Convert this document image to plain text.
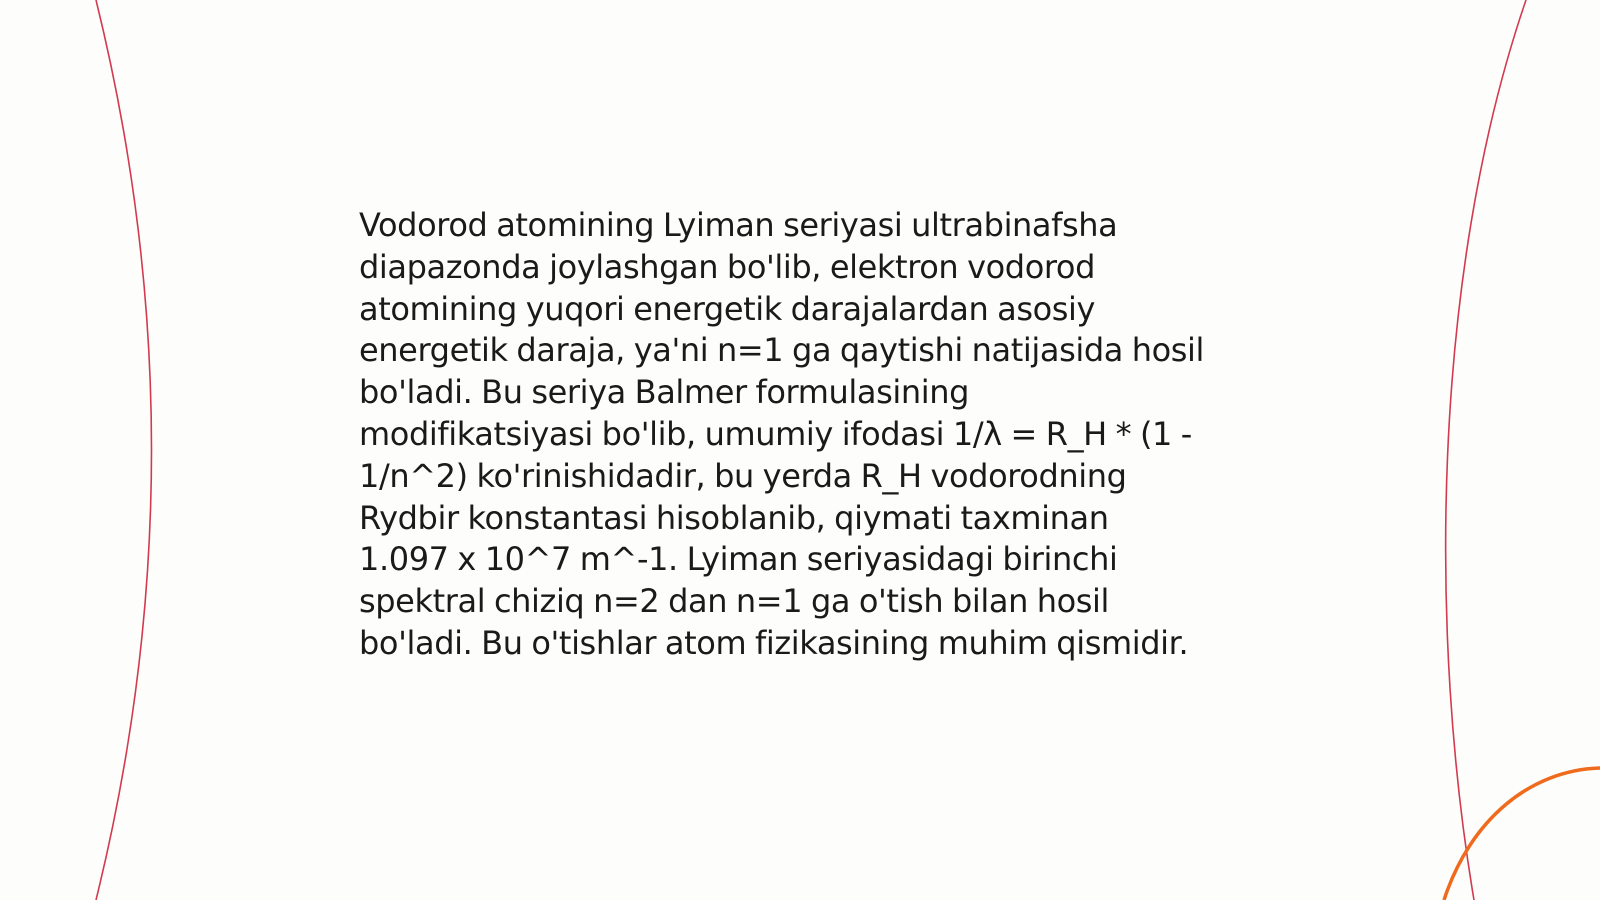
Vodorod atomining Lyiman seriyasi ultrabinafsha
diapazonda joylashgan bo'lib, elektron vodorod
atomining yuqori energetik darajalardan asosiy
energetik daraja, ya'ni n=1 ga qaytishi natijasida hosil
bo'ladi. Bu seriya Balmer formulasining
modifikatsiyasi bo'lib, umumiy ifodasi 1/λ = R_H * (1 -
1/n^2) ko'rinishidadir, bu yerda R_H vodorodning
Rydbir konstantasi hisoblanib, qiymati taxminan
1.097 x 10^7 m^-1. Lyiman seriyasidagi birinchi
spektral chiziq n=2 dan n=1 ga o'tish bilan hosil
bo'ladi. Bu o'tishlar atom fizikasining muhim qismidir.
